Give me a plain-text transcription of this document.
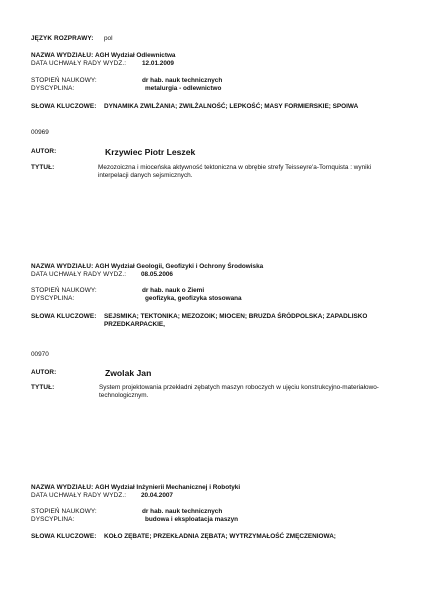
JĘZYK ROZPRAWY: pol
NAZWA WYDZIAŁU: AGH Wydział Odlewnictwa
DATA UCHWAŁY RADY WYDZ.: 12.01.2009
STOPIEŃ NAUKOWY:	dr hab. nauk technicznych
DYSCYPLINA:	metalurgia - odlewnictwo
SŁOWA KLUCZOWE: DYNAMIKA ZWILŻANIA; ZWILŻALNOŚĆ; LEPKOŚĆ; MASY FORMIERSKIE; SPOIWA
00969
AUTOR:	Krzywiec Piotr Leszek
TYTUŁ:	Mezozoiczna i mioceńska aktywność tektoniczna w obrębie strefy Teisseyre'a-Tornquista : wyniki interpelacji danych sejsmicznych.
NAZWA WYDZIAŁU: AGH Wydział Geologii, Geofizyki i Ochrony Środowiska
DATA UCHWAŁY RADY WYDZ.: 08.05.2006
STOPIEŃ NAUKOWY:	dr hab. nauk o Ziemi
DYSCYPLINA:	geofizyka, geofizyka stosowana
SŁOWA KLUCZOWE: SEJSMIKA; TEKTONIKA; MEZOZOIK; MIOCEN; BRUZDA ŚRÓDPOLSKA; ZAPADLISKO
PRZEDKARPACKIE,
00970
AUTOR:	Zwolak Jan
TYTUŁ:	System projektowania przekładni zębatych maszyn roboczych w ujęciu konstrukcyjno-materiałowo-technologicznym.
NAZWA WYDZIAŁU: AGH Wydział Inżynierii Mechanicznej i Robotyki
DATA UCHWAŁY RADY WYDZ.: 20.04.2007
STOPIEŃ NAUKOWY:	dr hab. nauk technicznych
DYSCYPLINA:	budowa i eksploatacja maszyn
SŁOWA KLUCZOWE: KOŁO ZĘBATE; PRZEKŁADNIA ZĘBATA; WYTRZYMAŁOŚĆ ZMĘCZENIOWA;
